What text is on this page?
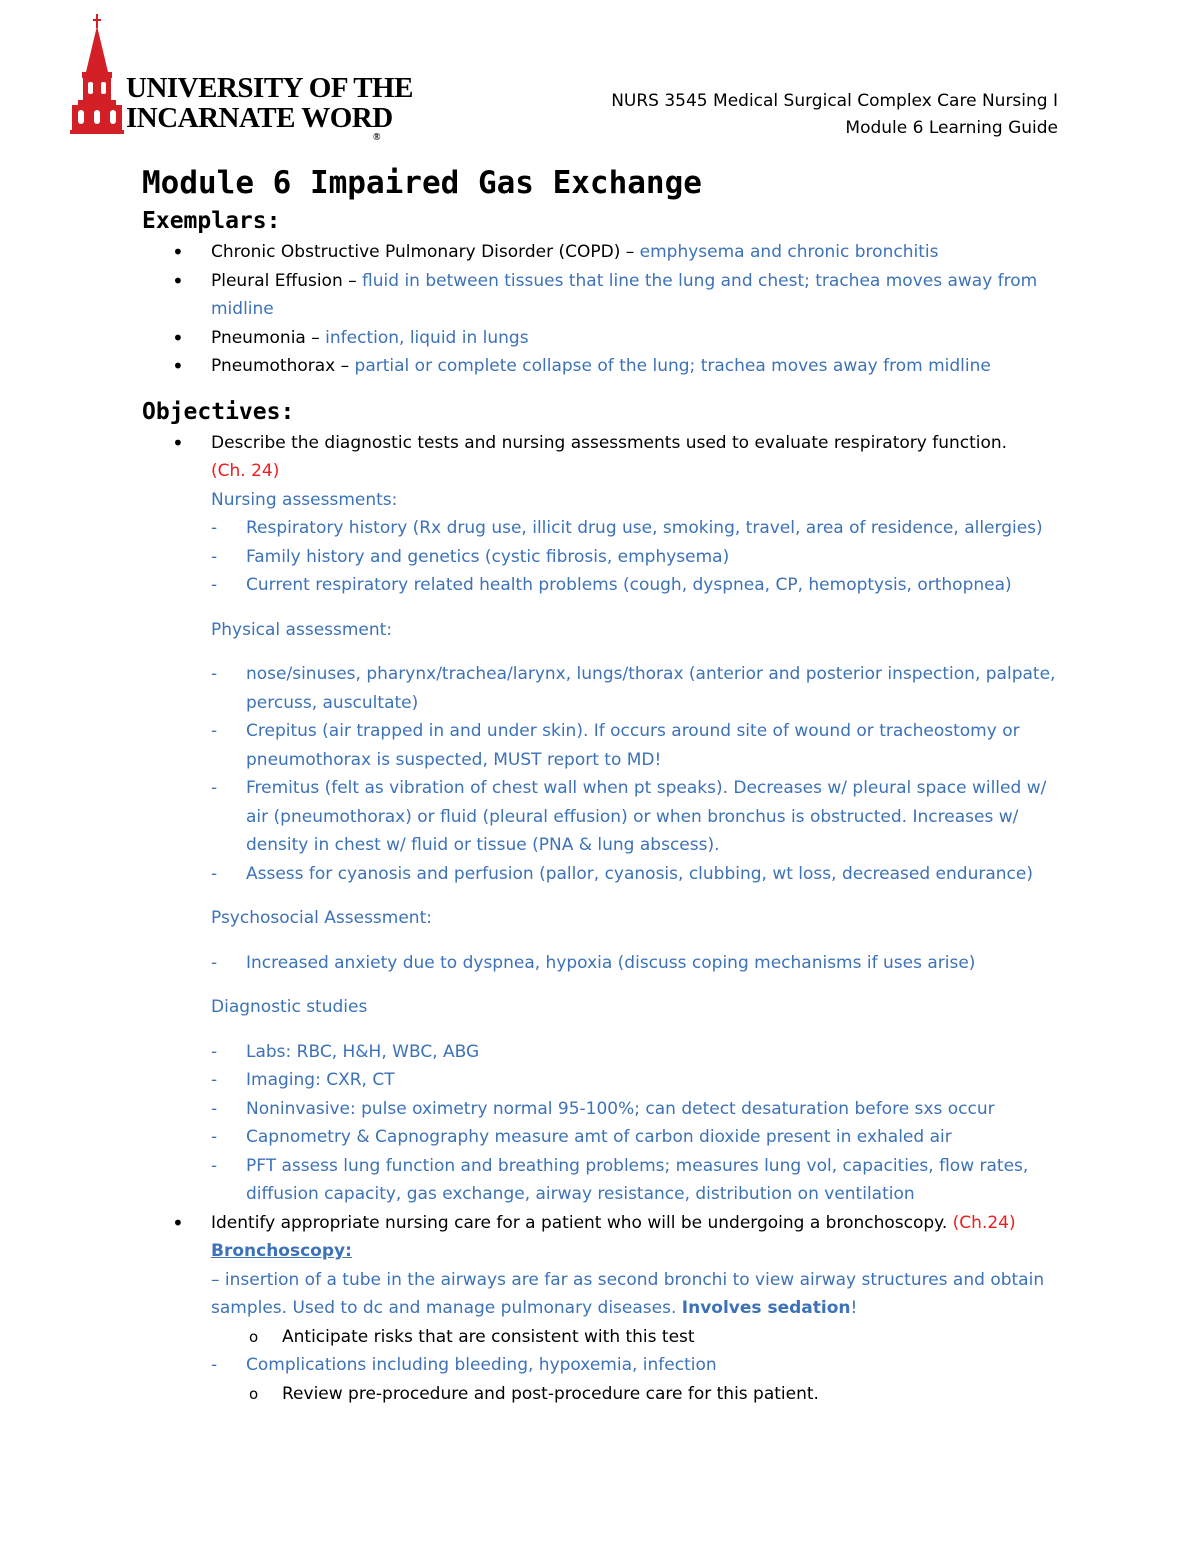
UNIVERSITY OF THE
INCARNATE WORD
®
NURS 3545 Medical Surgical Complex Care Nursing I
Module 6 Learning Guide
Module 6 Impaired Gas Exchange
Exemplars:
• Chronic Obstructive Pulmonary Disorder (COPD) – emphysema and chronic bronchitis
• Pleural Effusion – fluid in between tissues that line the lung and chest; trachea moves away from midline
• Pneumonia – infection, liquid in lungs
• Pneumothorax – partial or complete collapse of the lung; trachea moves away from midline
Objectives:
• Describe the diagnostic tests and nursing assessments used to evaluate respiratory function.
(Ch. 24)
Nursing assessments:
- Respiratory history (Rx drug use, illicit drug use, smoking, travel, area of residence, allergies)
- Family history and genetics (cystic fibrosis, emphysema)
- Current respiratory related health problems (cough, dyspnea, CP, hemoptysis, orthopnea)
Physical assessment:
- nose/sinuses, pharynx/trachea/larynx, lungs/thorax (anterior and posterior inspection, palpate, percuss, auscultate)
- Crepitus (air trapped in and under skin). If occurs around site of wound or tracheostomy or pneumothorax is suspected, MUST report to MD!
- Fremitus (felt as vibration of chest wall when pt speaks). Decreases w/ pleural space willed w/ air (pneumothorax) or fluid (pleural effusion) or when bronchus is obstructed. Increases w/ density in chest w/ fluid or tissue (PNA & lung abscess).
- Assess for cyanosis and perfusion (pallor, cyanosis, clubbing, wt loss, decreased endurance)
Psychosocial Assessment:
- Increased anxiety due to dyspnea, hypoxia (discuss coping mechanisms if uses arise)
Diagnostic studies
- Labs: RBC, H&H, WBC, ABG
- Imaging: CXR, CT
- Noninvasive: pulse oximetry normal 95-100%; can detect desaturation before sxs occur
- Capnometry & Capnography measure amt of carbon dioxide present in exhaled air
- PFT assess lung function and breathing problems; measures lung vol, capacities, flow rates, diffusion capacity, gas exchange, airway resistance, distribution on ventilation
• Identify appropriate nursing care for a patient who will be undergoing a bronchoscopy. (Ch.24)
Bronchoscopy:
– insertion of a tube in the airways are far as second bronchi to view airway structures and obtain samples. Used to dc and manage pulmonary diseases. Involves sedation!
o Anticipate risks that are consistent with this test
- Complications including bleeding, hypoxemia, infection
o Review pre-procedure and post-procedure care for this patient.
